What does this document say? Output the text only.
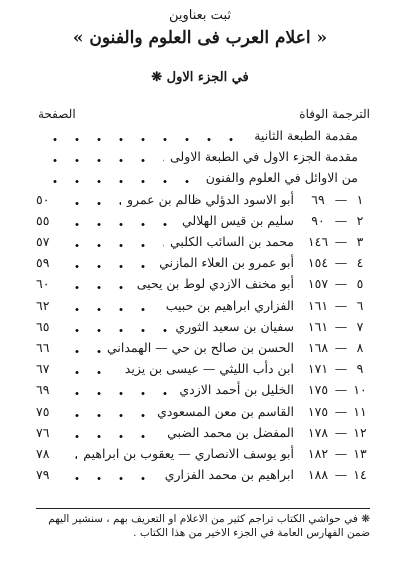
ثبت بعناوين
« اعلام العرب فى العلوم والفنون »
في الجزء الاول ❋
الترجمة الوفاة
الصفحة
مقدمة الطبعة الثانية
مقدمة الجزء الاول في الطبعة الاولى
من الاوائل في العلوم والفنون
١
—
٦٩
أبو الاسود الدؤلي ظالم بن عمرو
٥٠
٢
—
٩٠
سليم بن قيس الهلالي
٥٥
٣
—
١٤٦
محمد بن السائب الكلبي
٥٧
٤
—
١٥٤
أبو عمرو بن العلاء المازني
٥٩
٥
—
١٥٧
أبو مخنف الازدي لوط بن يحيى
٦٠
٦
—
١٦١
الفزاري ابراهيم بن حبيب
٦٢
٧
—
١٦١
سفيان بن سعيد الثوري
٦٥
٨
—
١٦٨
الحسن بن صالح بن حي — الهمداني
٦٦
٩
—
١٧١
ابن دأب الليثي — عيسى بن يزيد
٦٧
١٠
—
١٧٥
الخليل بن أحمد الازدي
٦٩
١١
—
١٧٥
القاسم بن معن المسعودي
٧٥
١٢
—
١٧٨
المفضل بن محمد الضبي
٧٦
١٣
—
١٨٢
أبو يوسف الانصاري — يعقوب بن ابراهيم
٧٨
١٤
—
١٨٨
ابراهيم بن محمد الفزاري
٧٩
❋ في حواشي الكتاب تراجم كثير من الاعلام او التعريف بهم ، سنشير اليهم ضمن الفهارس العامة في الجزء الاخير من هذا الكتاب .
